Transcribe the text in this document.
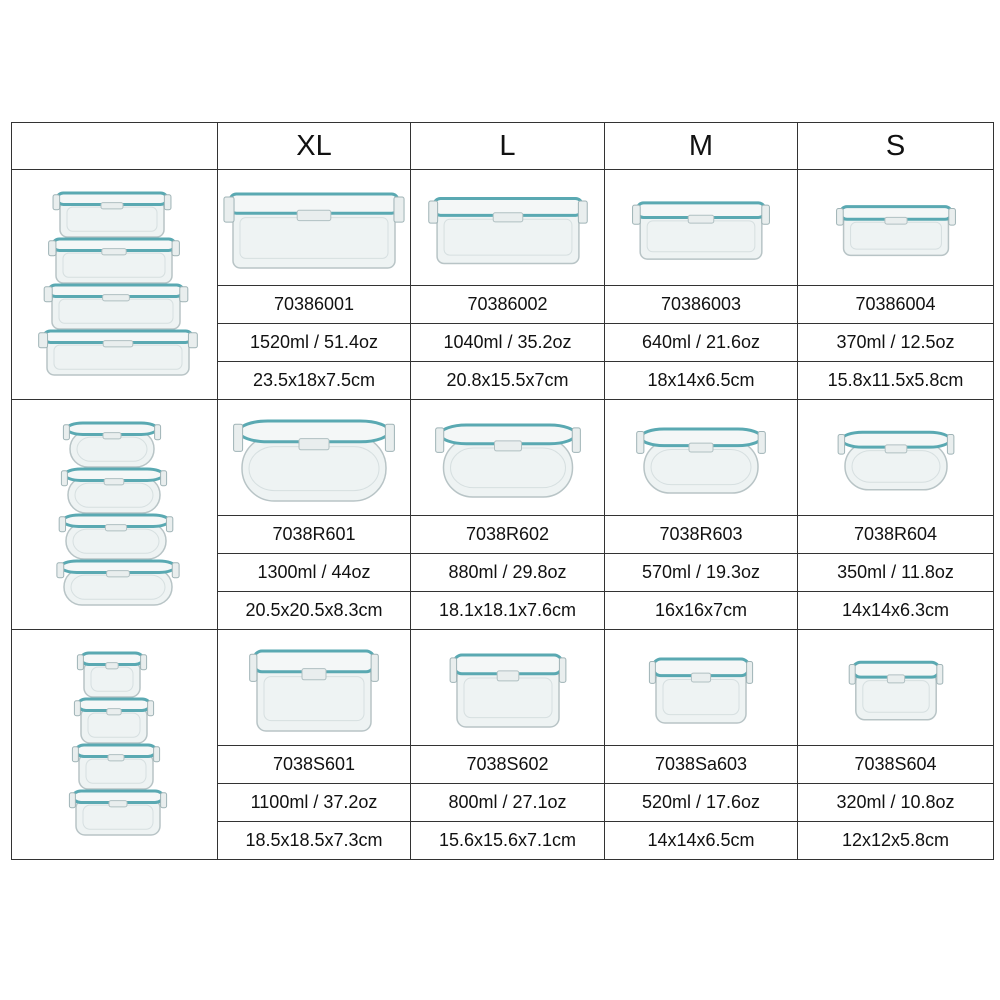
	XL	L	M	S

	70386001	70386002	70386003	70386004
	1520ml / 51.4oz	1040ml / 35.2oz	640ml / 21.6oz	370ml / 12.5oz
	23.5x18x7.5cm	20.8x15.5x7cm	18x14x6.5cm	15.8x11.5x5.8cm

	7038R601	7038R602	7038R603	7038R604
	1300ml / 44oz	880ml / 29.8oz	570ml / 19.3oz	350ml / 11.8oz
	20.5x20.5x8.3cm	18.1x18.1x7.6cm	16x16x7cm	14x14x6.3cm

	7038S601	7038S602	7038Sa603	7038S604
	1100ml / 37.2oz	800ml / 27.1oz	520ml / 17.6oz	320ml / 10.8oz
	18.5x18.5x7.3cm	15.6x15.6x7.1cm	14x14x6.5cm	12x12x5.8cm
